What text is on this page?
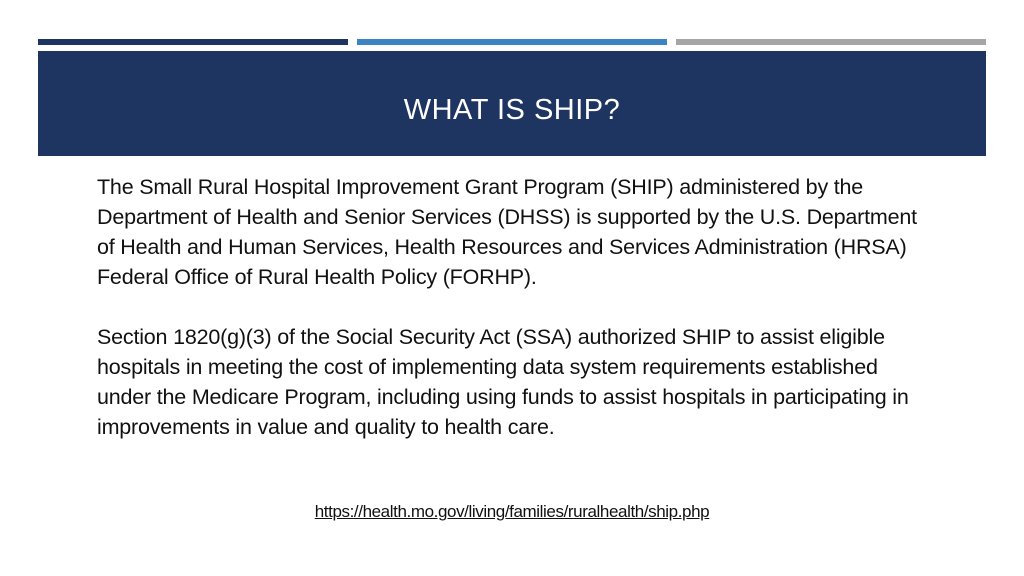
WHAT IS SHIP?

The Small Rural Hospital Improvement Grant Program (SHIP) administered by the Department of Health and Senior Services (DHSS) is supported by the U.S. Department of Health and Human Services, Health Resources and Services Administration (HRSA) Federal Office of Rural Health Policy (FORHP).

Section 1820(g)(3) of the Social Security Act (SSA) authorized SHIP to assist eligible hospitals in meeting the cost of implementing data system requirements established under the Medicare Program, including using funds to assist hospitals in participating in improvements in value and quality to health care.

https://health.mo.gov/living/families/ruralhealth/ship.php
